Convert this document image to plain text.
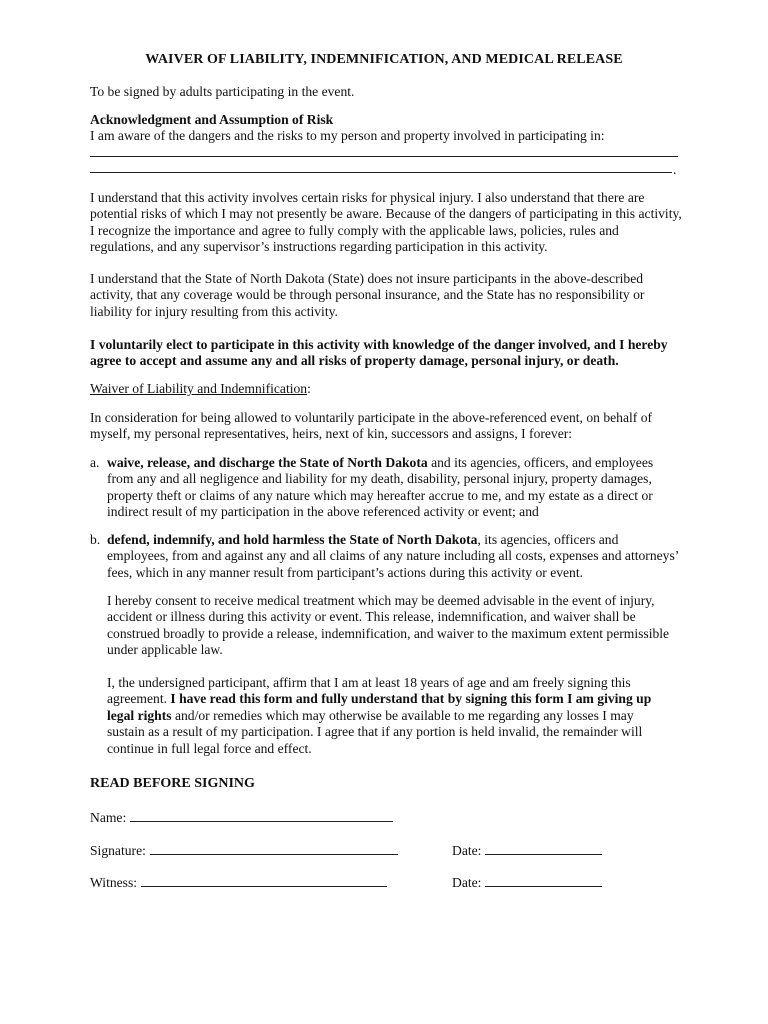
WAIVER OF LIABILITY, INDEMNIFICATION, AND MEDICAL RELEASE
To be signed by adults participating in the event.
Acknowledgment and Assumption of Risk
I am aware of the dangers and the risks to my person and property involved in participating in:
.
I understand that this activity involves certain risks for physical injury. I also understand that there are potential risks of which I may not presently be aware. Because of the dangers of participating in this activity, I recognize the importance and agree to fully comply with the applicable laws, policies, rules and regulations, and any supervisor’s instructions regarding participation in this activity.
I understand that the State of North Dakota (State) does not insure participants in the above-described activity, that any coverage would be through personal insurance, and the State has no responsibility or liability for injury resulting from this activity.
I voluntarily elect to participate in this activity with knowledge of the danger involved, and I hereby agree to accept and assume any and all risks of property damage, personal injury, or death.
Waiver of Liability and Indemnification:
In consideration for being allowed to voluntarily participate in the above-referenced event, on behalf of myself, my personal representatives, heirs, next of kin, successors and assigns, I forever:
a. waive, release, and discharge the State of North Dakota and its agencies, officers, and employees from any and all negligence and liability for my death, disability, personal injury, property damages, property theft or claims of any nature which may hereafter accrue to me, and my estate as a direct or indirect result of my participation in the above referenced activity or event; and
b. defend, indemnify, and hold harmless the State of North Dakota, its agencies, officers and employees, from and against any and all claims of any nature including all costs, expenses and attorneys’ fees, which in any manner result from participant’s actions during this activity or event.
I hereby consent to receive medical treatment which may be deemed advisable in the event of injury, accident or illness during this activity or event. This release, indemnification, and waiver shall be construed broadly to provide a release, indemnification, and waiver to the maximum extent permissible under applicable law.
I, the undersigned participant, affirm that I am at least 18 years of age and am freely signing this agreement. I have read this form and fully understand that by signing this form I am giving up legal rights and/or remedies which may otherwise be available to me regarding any losses I may sustain as a result of my participation. I agree that if any portion is held invalid, the remainder will continue in full legal force and effect.
READ BEFORE SIGNING
Name:
Signature:	Date:
Witness:	Date:
